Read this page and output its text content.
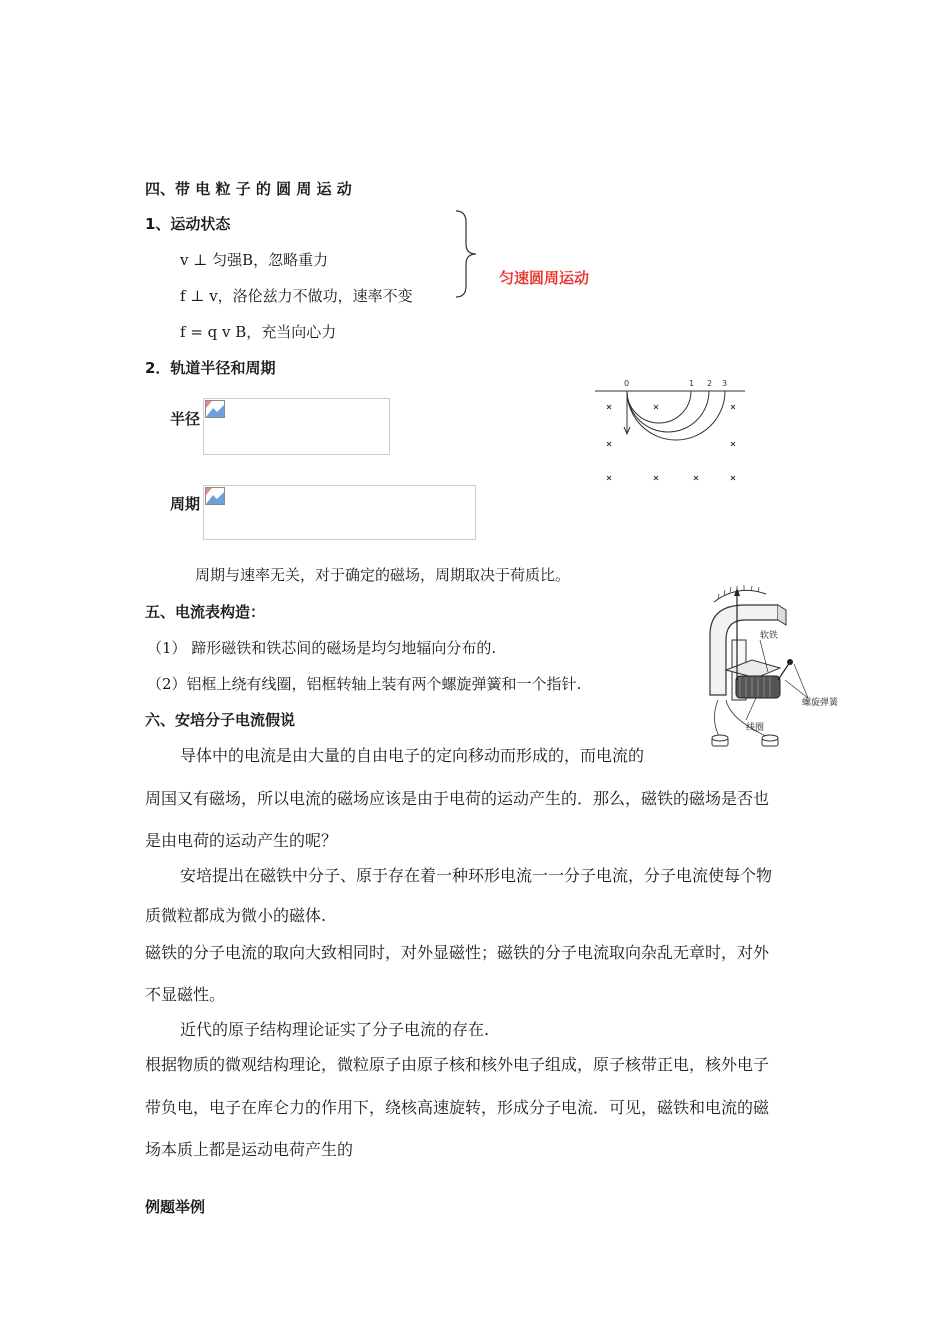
四、带 电 粒 子 的 圆 周 运 动
1、运动状态
v ⊥ 匀强B，忽略重力
f ⊥ v，洛伦兹力不做功，速率不变
f = q v B，充当向心力
匀速圆周运动
2．轨道半径和周期
半径
周期
0	1 2 3
周期与速率无关，对于确定的磁场，周期取决于荷质比。
五、电流表构造：
（1） 蹄形磁铁和铁芯间的磁场是均匀地辐向分布的.
（2）铝框上绕有线圈，铝框转轴上装有两个螺旋弹簧和一个指针.
软铁
螺旋弹簧
线圈
六、安培分子电流假说
导体中的电流是由大量的自由电子的定向移动而形成的，而电流的
周国又有磁场，所以电流的磁场应该是由于电荷的运动产生的．那么，磁铁的磁场是否也
是由电荷的运动产生的呢？
安培提出在磁铁中分子、原于存在着一种环形电流一一分子电流，分子电流使每个物
质微粒都成为微小的磁体.
磁铁的分子电流的取向大致相同时，对外显磁性；磁铁的分子电流取向杂乱无章时，对外
不显磁性。
近代的原子结构理论证实了分子电流的存在.
根据物质的微观结构理论，微粒原子由原子核和核外电子组成，原子核带正电，核外电子
带负电，电子在库仑力的作用下，绕核高速旋转，形成分子电流．可见，磁铁和电流的磁
场本质上都是运动电荷产生的
例题举例
